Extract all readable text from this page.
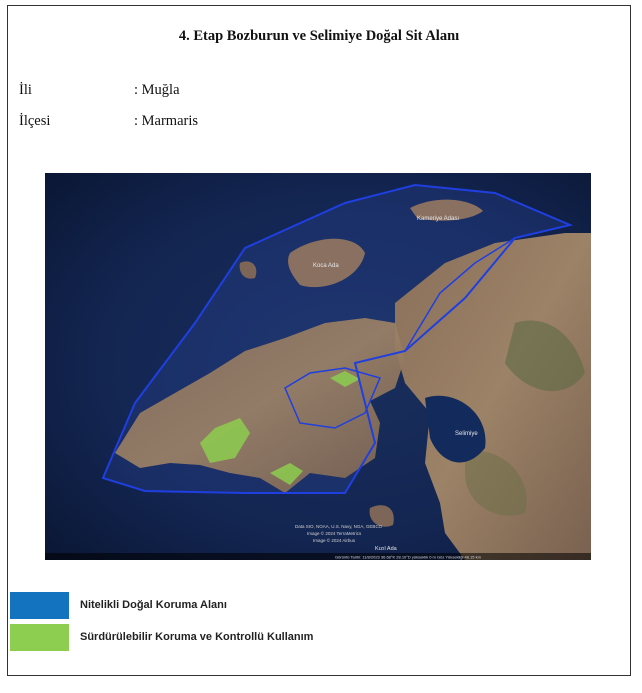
4. Etap Bozburun ve Selimiye Doğal Sit Alanı
İli	: Muğla
İlçesi	: Marmaris
Kameriye Adası
Koca Ada
Selimiye
Kızıl Ada
Data SIO, NOAA, U.S. Navy, NGA, GEBCO
Image © 2024 TerraMetrics
Image © 2024 Airbus
Görüntü Tarihi: 11/8/2023 36.68°K 28.10°D yükseklik 0 m Göz Yüksekliği 46.15 km
Nitelikli Doğal Koruma Alanı
Sürdürülebilir Koruma ve Kontrollü Kullanım
